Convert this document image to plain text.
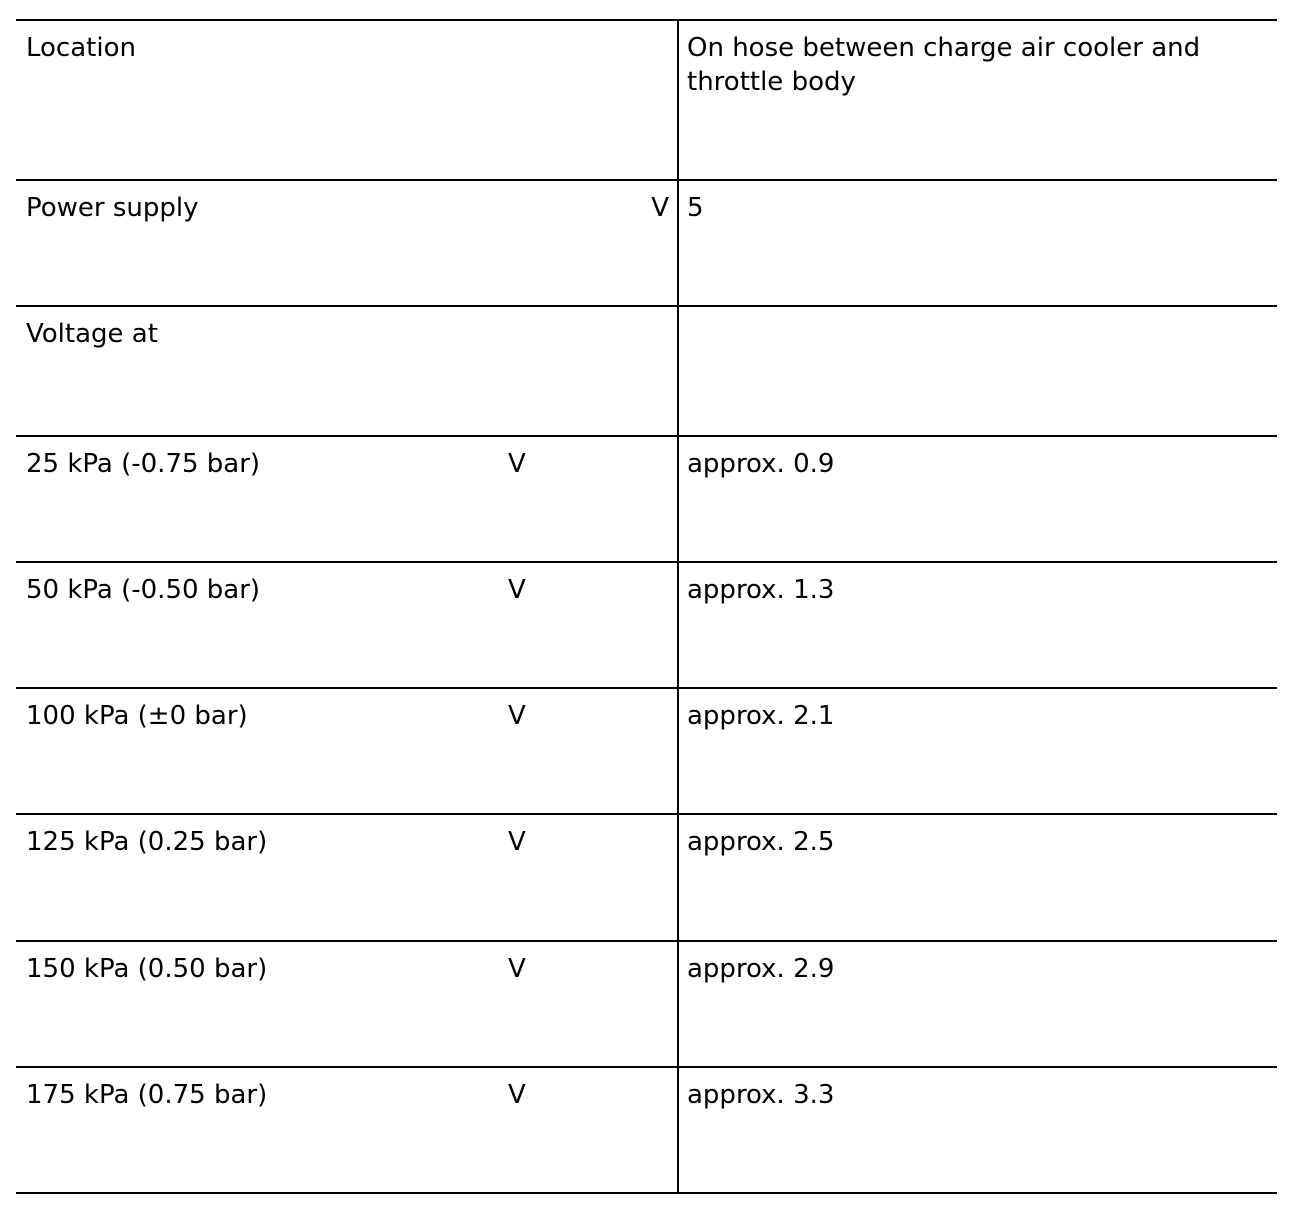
Location	On hose between charge air cooler and throttle body
Power supply	V 5
Voltage at
25 kPa (-0.75 bar)	V	approx. 0.9
50 kPa (-0.50 bar)	V	approx. 1.3
100 kPa (±0 bar)	V	approx. 2.1
125 kPa (0.25 bar)	V	approx. 2.5
150 kPa (0.50 bar)	V	approx. 2.9
175 kPa (0.75 bar)	V	approx. 3.3
